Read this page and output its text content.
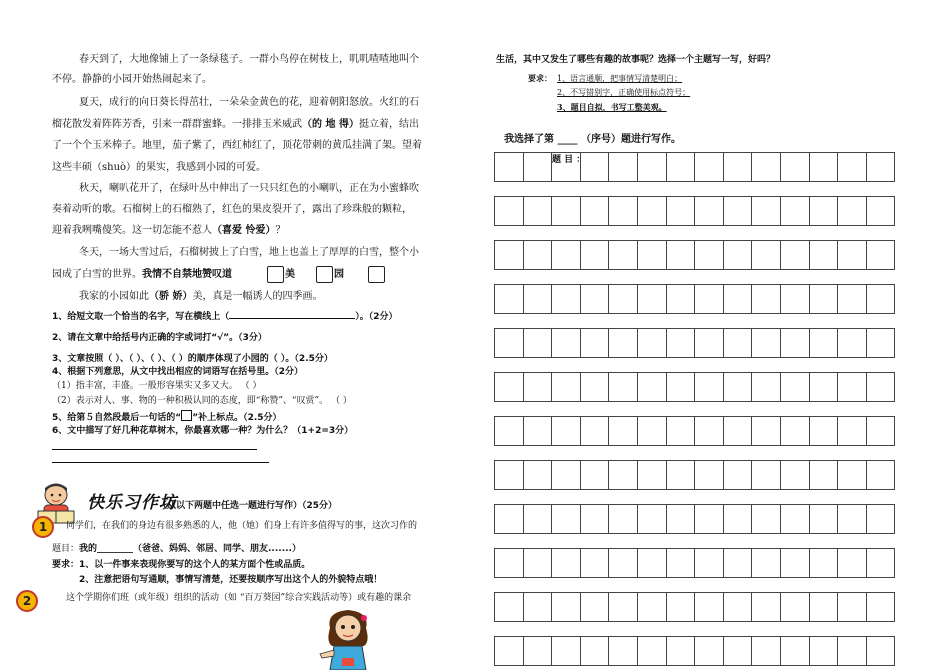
春天到了，大地像铺上了一条绿毯子。一群小鸟停在树枝上，叽叽喳喳地叫个
不停。静静的小园开始热闹起来了。
夏天，成行的向日葵长得茁壮，一朵朵金黄色的花，迎着朝阳怒放。火红的石
榴花散发着阵阵芳香，引来一群群蜜蜂。一排排玉米威武（的 地 得）挺立着，结出
了一个个玉米棒子。地里，茄子紫了，西红柿红了，顶花带刺的黄瓜挂满了架。望着
这些丰硕（shuò）的果实，我感到小园的可爱。
秋天，喇叭花开了，在绿叶丛中伸出了一只只红色的小喇叭，正在为小蜜蜂吹
奏着动听的歌。石榴树上的石榴熟了，红色的果皮裂开了，露出了珍珠般的颗粒，
迎着我咧嘴傻笑。这一切怎能不惹人（喜爱 怜爱）？
冬天，一场大雪过后，石榴树披上了白雪，地上也盖上了厚厚的白雪，整个小
园成了白雪的世界。我情不自禁地赞叹道	美	园
我家的小园如此（骄 娇）美，真是一幅诱人的四季画。
1、给短文取一个恰当的名字，写在横线上（	）。（2分）
2、请在文章中给括号内正确的字或词打“√”。（3分）
3、文章按照（ ）、（ ）、（ ）、（ ）的顺序体现了小园的（ ）。（2.5分）
4、根据下列意思，从文中找出相应的词语写在括号里。（2分）
（1）指丰富，丰盛。一般形容果实又多又大。 （ ）
（2）表示对人、事、物的一种积极认同的态度，即“称赞”、“叹赏”。 （ ）
5、给第５自然段最后一句话的“ ”补上标点。（2.5分）
6、文中描写了好几种花草树木，你最喜欢哪一种？为什么？（1+2=3分）
快乐习作坊
（从以下两题中任选一题进行写作）（25分）
1	同学们，在我们的身边有很多熟悉的人，他（她）们身上有许多值得写的事，这次习作的
题目：我的________（爸爸、妈妈、邻居、同学、朋友.......）
要求：1、以一件事来表现你要写的这个人的某方面个性或品质。
2、注意把语句写通顺，事情写清楚，还要按顺序写出这个人的外貌特点哦！
2	这个学期你们班（或年级）组织的活动（如 “百万葵园”综合实践活动等）或有趣的课余
生活，其中又发生了哪些有趣的故事呢？选择一个主题写一写，好吗？
要求： 1、语言通顺，把事情写清楚明白；
2、不写错别字，正确使用标点符号；
3、题目自拟，书写工整美观。
我选择了第 ____ （序号）题进行写作。

题 目 ：
